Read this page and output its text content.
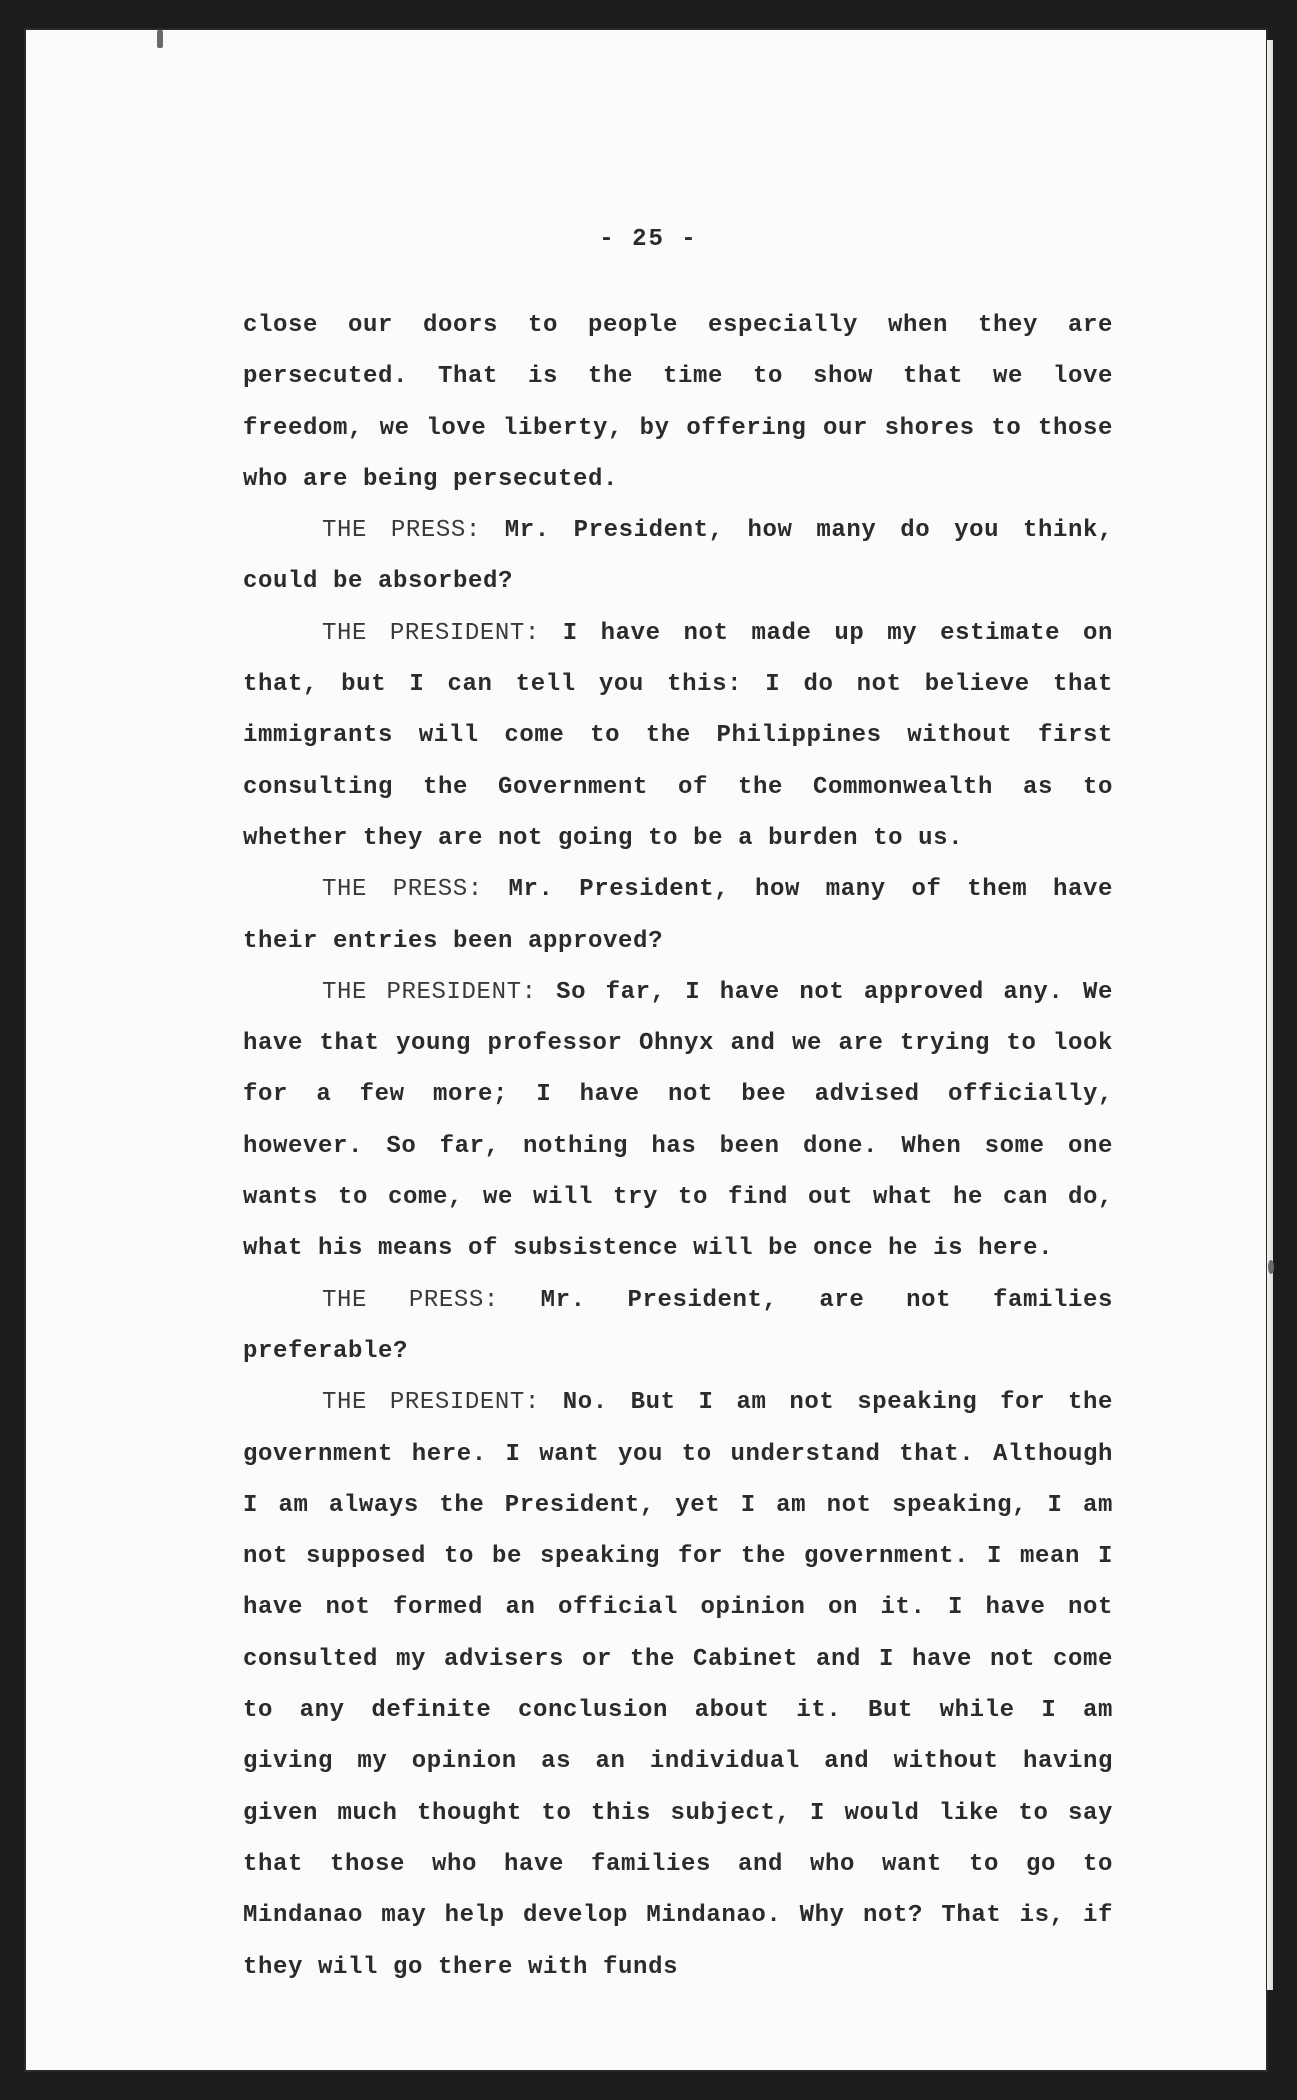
- 25 -

close our doors to people especially when they are persecuted. That is the time to show that we love freedom, we love liberty, by offering our shores to those who are being persecuted.

THE PRESS: Mr. President, how many do you think, could be absorbed?

THE PRESIDENT: I have not made up my estimate on that, but I can tell you this: I do not believe that immigrants will come to the Philippines without first consulting the Government of the Commonwealth as to whether they are not going to be a burden to us.

THE PRESS: Mr. President, how many of them have their entries been approved?

THE PRESIDENT: So far, I have not approved any. We have that young professor Ohnyx and we are trying to look for a few more; I have not bee advised officially, however. So far, nothing has been done. When some one wants to come, we will try to find out what he can do, what his means of subsistence will be once he is here.

THE PRESS: Mr. President, are not families preferable?

THE PRESIDENT: No. But I am not speaking for the government here. I want you to understand that. Although I am always the President, yet I am not speaking, I am not supposed to be speaking for the government. I mean I have not formed an official opinion on it. I have not consulted my advisers or the Cabinet and I have not come to any definite conclusion about it. But while I am giving my opinion as an individual and without having given much thought to this subject, I would like to say that those who have families and who want to go to Mindanao may help develop Mindanao. Why not? That is, if they will go there with funds
